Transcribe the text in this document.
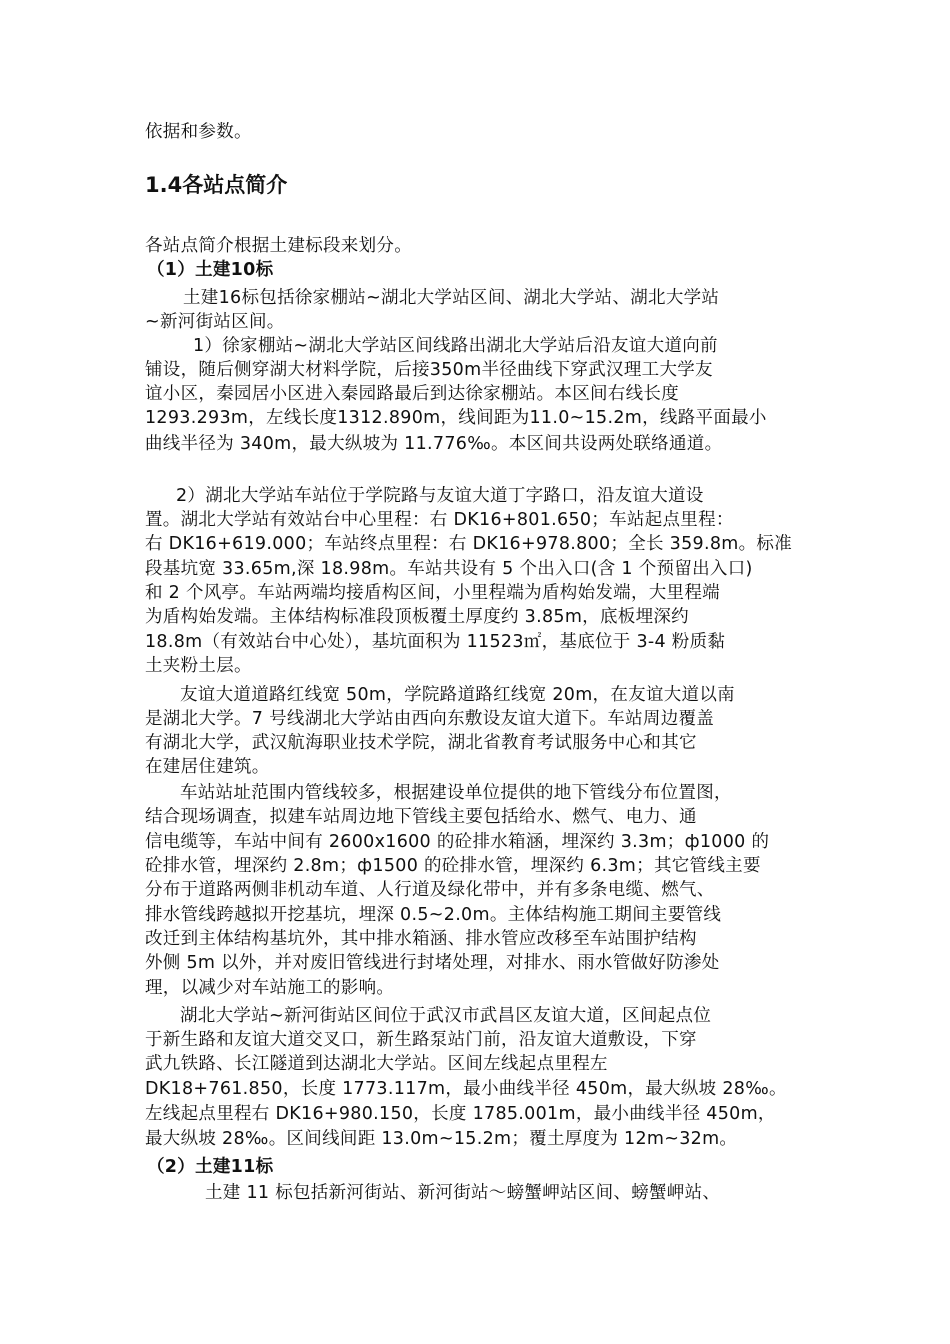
依据和参数。
1.4各站点简介
各站点简介根据土建标段来划分。
（1）土建10标
土建16标包括徐家棚站~湖北大学站区间、湖北大学站、湖北大学站
~新河街站区间。
1）徐家棚站~湖北大学站区间线路出湖北大学站后沿友谊大道向前
铺设，随后侧穿湖大材料学院，后接350m半径曲线下穿武汉理工大学友
谊小区，秦园居小区进入秦园路最后到达徐家棚站。本区间右线长度
1293.293m，左线长度1312.890m，线间距为11.0~15.2m，线路平面最小
曲线半径为 340m，最大纵坡为 11.776‰。本区间共设两处联络通道。
2）湖北大学站车站位于学院路与友谊大道丁字路口，沿友谊大道设
置。湖北大学站有效站台中心里程：右 DK16+801.650；车站起点里程：
右 DK16+619.000；车站终点里程：右 DK16+978.800；全长 359.8m。标准
段基坑宽 33.65m,深 18.98m。车站共设有 5 个出入口(含 1 个预留出入口)
和 2 个风亭。车站两端均接盾构区间，小里程端为盾构始发端，大里程端
为盾构始发端。主体结构标准段顶板覆土厚度约 3.85m，底板埋深约
18.8m（有效站台中心处），基坑面积为 11523㎡，基底位于 3-4 粉质黏
土夹粉土层。
友谊大道道路红线宽 50m，学院路道路红线宽 20m，在友谊大道以南
是湖北大学。7 号线湖北大学站由西向东敷设友谊大道下。车站周边覆盖
有湖北大学，武汉航海职业技术学院，湖北省教育考试服务中心和其它
在建居住建筑。
车站站址范围内管线较多，根据建设单位提供的地下管线分布位置图，
结合现场调查，拟建车站周边地下管线主要包括给水、燃气、电力、通
信电缆等，车站中间有 2600x1600 的砼排水箱涵，埋深约 3.3m；ф1000 的
砼排水管，埋深约 2.8m；ф1500 的砼排水管，埋深约 6.3m；其它管线主要
分布于道路两侧非机动车道、人行道及绿化带中，并有多条电缆、燃气、
排水管线跨越拟开挖基坑，埋深 0.5~2.0m。主体结构施工期间主要管线
改迁到主体结构基坑外，其中排水箱涵、排水管应改移至车站围护结构
外侧 5m 以外，并对废旧管线进行封堵处理，对排水、雨水管做好防渗处
理，以减少对车站施工的影响。
湖北大学站~新河街站区间位于武汉市武昌区友谊大道，区间起点位
于新生路和友谊大道交叉口，新生路泵站门前，沿友谊大道敷设，下穿
武九铁路、长江隧道到达湖北大学站。区间左线起点里程左
DK18+761.850，长度 1773.117m，最小曲线半径 450m，最大纵坡 28‰。
左线起点里程右 DK16+980.150，长度 1785.001m，最小曲线半径 450m，
最大纵坡 28‰。区间线间距 13.0m~15.2m；覆土厚度为 12m~32m。
（2）土建11标
土建 11 标包括新河街站、新河街站～螃蟹岬站区间、螃蟹岬站、
